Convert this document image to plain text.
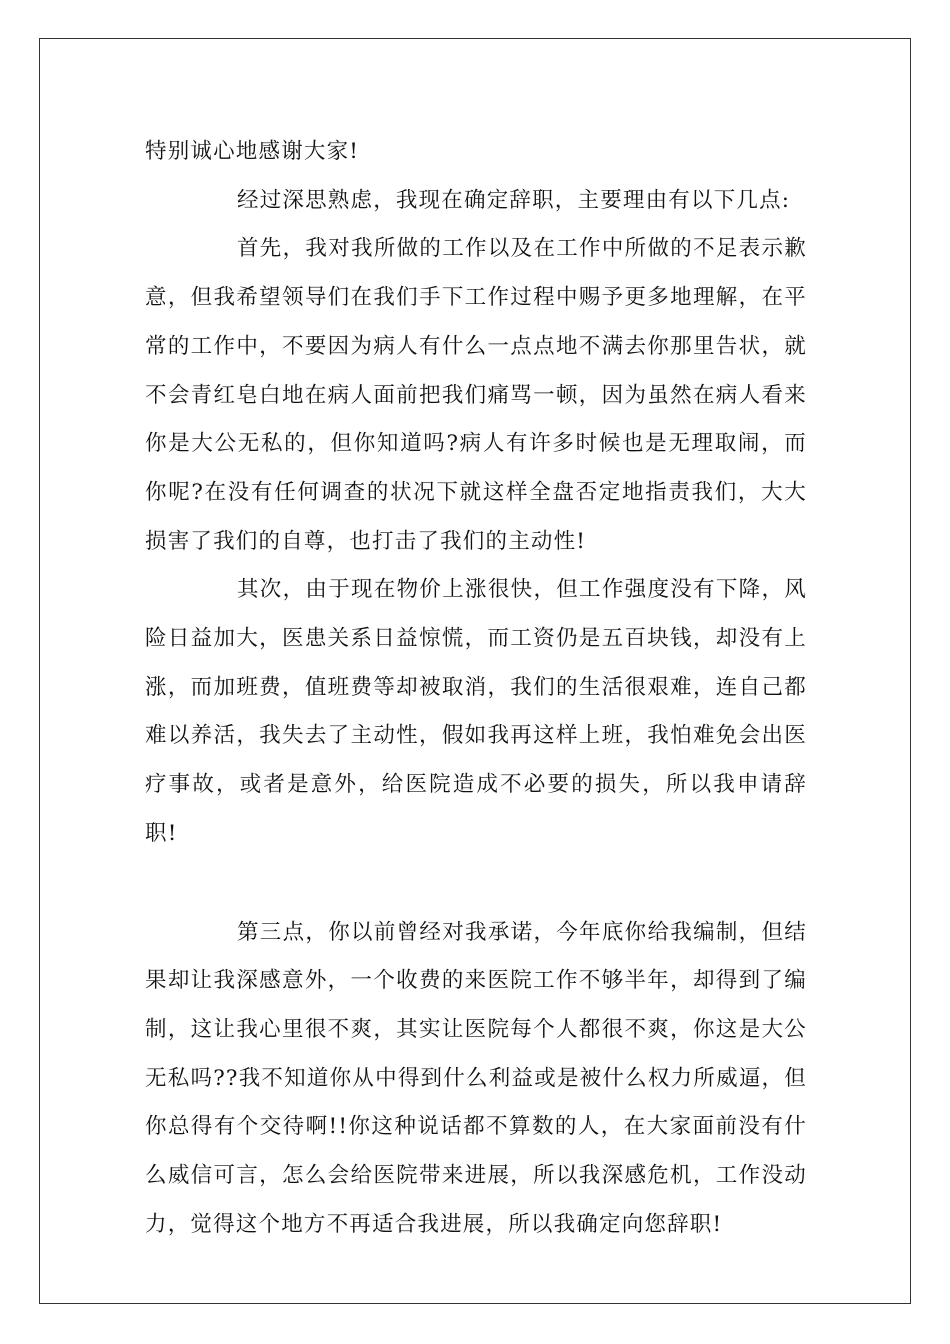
特别诚心地感谢大家!

经过深思熟虑，我现在确定辞职，主要理由有以下几点:

首先，我对我所做的工作以及在工作中所做的不足表示歉意，但我希望领导们在我们手下工作过程中赐予更多地理解，在平常的工作中，不要因为病人有什么一点点地不满去你那里告状，就不会青红皂白地在病人面前把我们痛骂一顿，因为虽然在病人看来你是大公无私的，但你知道吗?病人有许多时候也是无理取闹，而你呢?在没有任何调查的状况下就这样全盘否定地指责我们，大大损害了我们的自尊，也打击了我们的主动性!

其次，由于现在物价上涨很快，但工作强度没有下降，风险日益加大，医患关系日益惊慌，而工资仍是五百块钱，却没有上涨，而加班费，值班费等却被取消，我们的生活很艰难，连自己都难以养活，我失去了主动性，假如我再这样上班，我怕难免会出医疗事故，或者是意外，给医院造成不必要的损失，所以我申请辞职!

第三点，你以前曾经对我承诺，今年底你给我编制，但结果却让我深感意外，一个收费的来医院工作不够半年，却得到了编制，这让我心里很不爽，其实让医院每个人都很不爽，你这是大公无私吗??我不知道你从中得到什么利益或是被什么权力所威逼，但你总得有个交待啊!!你这种说话都不算数的人，在大家面前没有什么威信可言，怎么会给医院带来进展，所以我深感危机，工作没动力，觉得这个地方不再适合我进展，所以我确定向您辞职!
